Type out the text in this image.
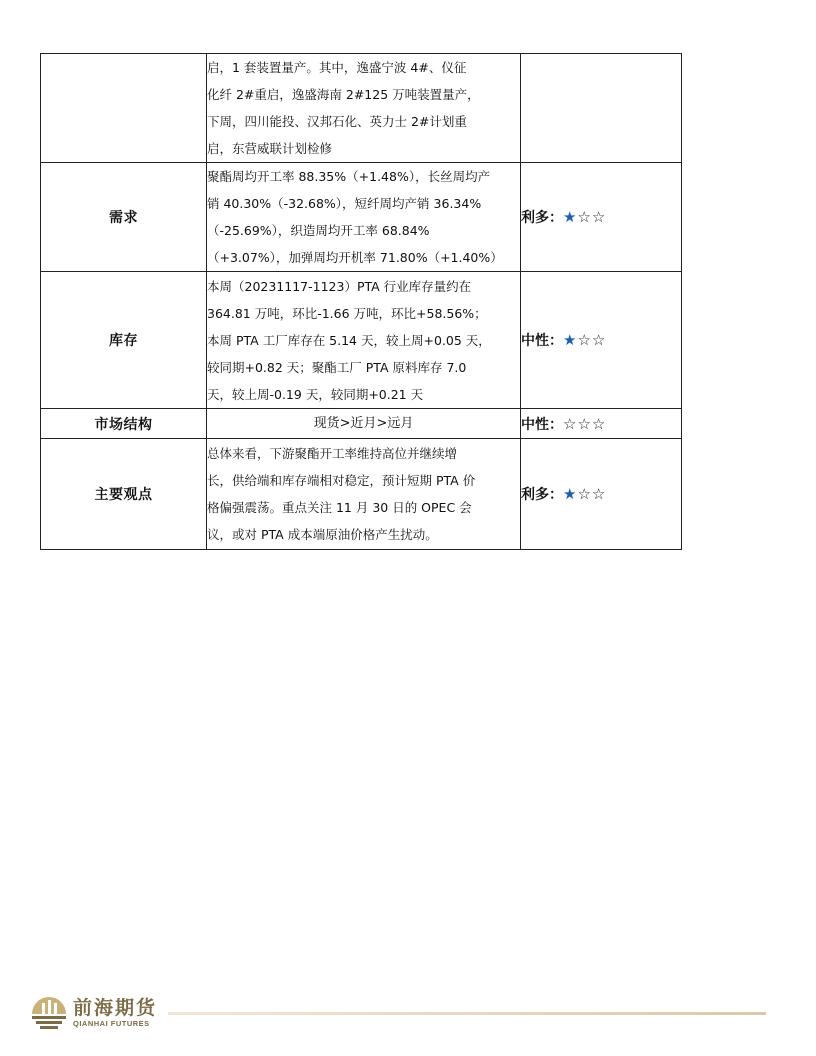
	启，1 套装置量产。其中，逸盛宁波 4#、仪征
化纤 2#重启，逸盛海南 2#125 万吨装置量产，
下周，四川能投、汉邦石化、英力士 2#计划重
启，东营威联计划检修	

需求	聚酯周均开工率 88.35%（+1.48%），长丝周均产
销 40.30%（-32.68%），短纤周均产销 36.34%
（-25.69%），织造周均开工率 68.84%
（+3.07%），加弹周均开机率 71.80%（+1.40%）	利多：★☆☆
库存	本周（20231117-1123）PTA 行业库存量约在
364.81 万吨，环比-1.66 万吨，环比+58.56%；
本周 PTA 工厂库存在 5.14 天，较上周+0.05 天，
较同期+0.82 天；聚酯工厂 PTA 原料库存 7.0
天，较上周-0.19 天，较同期+0.21 天	中性：★☆☆
市场结构	现货>近月>远月	中性：☆☆☆
主要观点	总体来看，下游聚酯开工率维持高位并继续增
长，供给端和库存端相对稳定，预计短期 PTA 价
格偏强震荡。重点关注 11 月 30 日的 OPEC 会
议，或对 PTA 成本端原油价格产生扰动。	利多：★☆☆
前海期货
QIANHAI FUTURES
